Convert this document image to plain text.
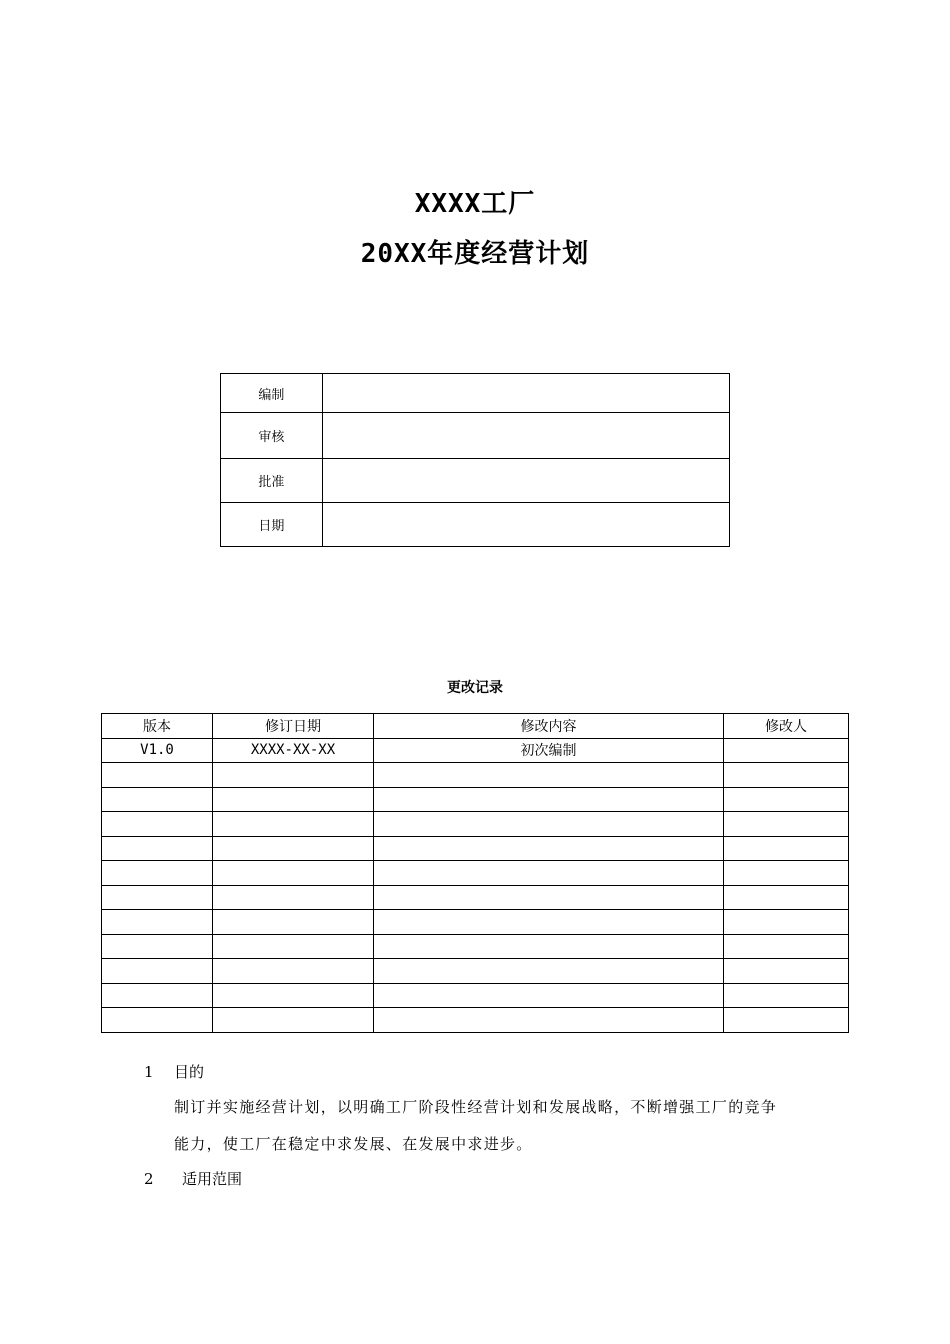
XXXX工厂
20XX年度经营计划
编制	
审核	
批准	
日期	
更改记录
版本	修订日期	修改内容	修改人
V1.0	XXXX-XX-XX	初次编制	

1 目的
制订并实施经营计划，以明确工厂阶段性经营计划和发展战略，不断增强工厂的竞争
能力，使工厂在稳定中求发展、在发展中求进步。
2 适用范围
